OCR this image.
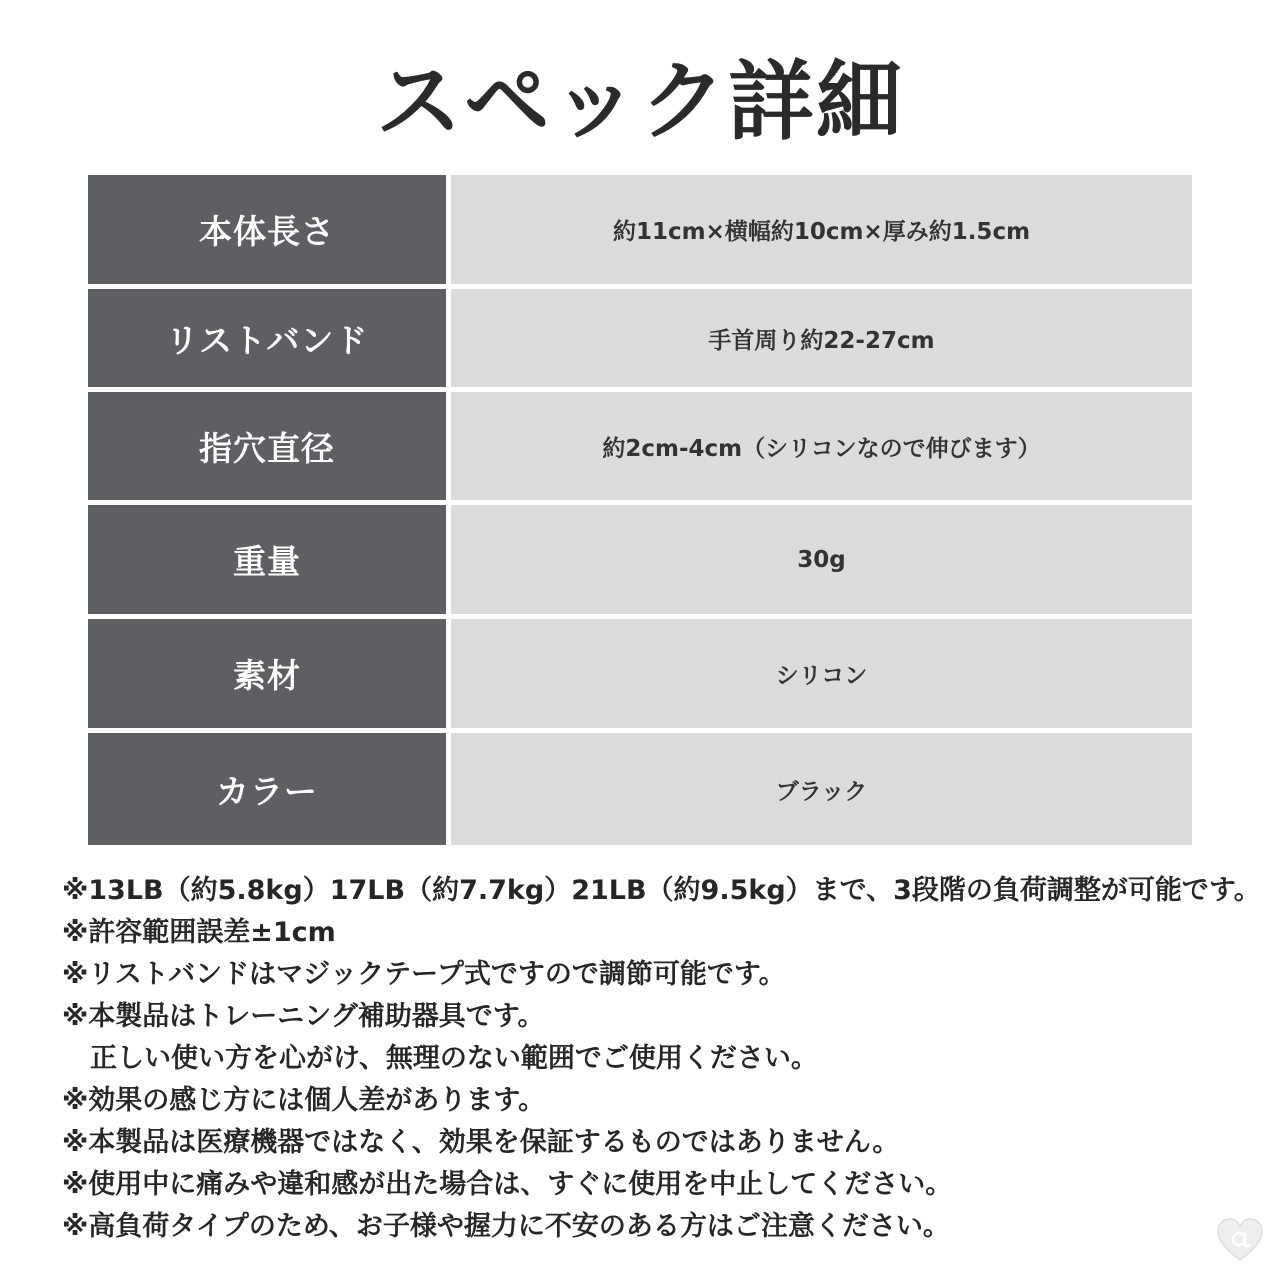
スペック詳細
本体長さ	約11cm×横幅約10cm×厚み約1.5cm
リストバンド	手首周り約22-27cm
指穴直径	約2cm-4cm（シリコンなので伸びます）
重量	30g
素材	シリコン
カラー	ブラック
※13LB（約5.8kg）17LB（約7.7kg）21LB（約9.5kg）まで、3段階の負荷調整が可能です。
※許容範囲誤差±1cm
※リストバンドはマジックテープ式ですので調節可能です。
※本製品はトレーニング補助器具です。
正しい使い方を心がけ、無理のない範囲でご使用ください。
※効果の感じ方には個人差があります。
※本製品は医療機器ではなく、効果を保証するものではありません。
※使用中に痛みや違和感が出た場合は、すぐに使用を中止してください。
※高負荷タイプのため、お子様や握力に不安のある方はご注意ください。
